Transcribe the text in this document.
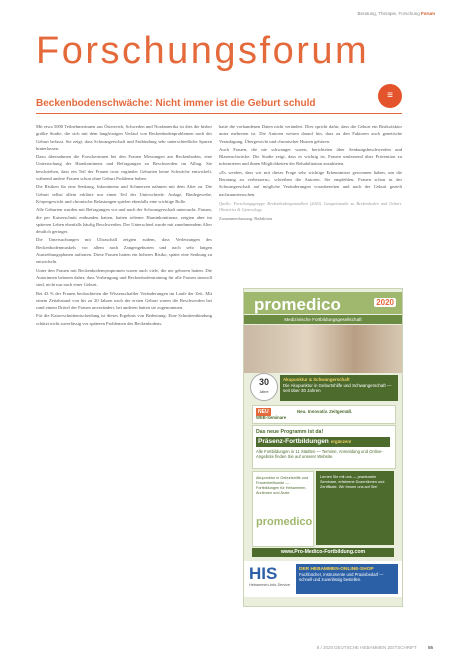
Beratung, Therapie, Forschung Forum
Forschungsforum
≡
Beckenbodenschwäche: Nicht immer ist die Geburt schuld

Mit etwa 5000 Teilnehmerinnen aus Österreich, Schweden und Nordamerika ist dies die bisher größte Studie, die sich mit dem langfristigen Verlauf von Beckenbodenproblemen nach der Geburt befasst. Sie zeigt, dass Schwangerschaft und Entbindung sehr unterschiedliche Spuren hinterlassen.

Dazu übernahmen die Forscherinnen bei den Frauen Messungen am Beckenboden, eine Untersuchung der Harnkontinenz und Befragungen zu Beschwerden im Alltag. Sie beschrieben, dass ein Teil der Frauen trotz vaginaler Geburten keine Schwäche entwickelt, während andere Frauen schon ohne Geburt Probleme haben.

Die Risiken für eine Senkung, Inkontinenz und Schmerzen nahmen mit dem Alter zu. Die Geburt selbst allein erklärte nur einen Teil der Unterschiede. Anlage, Bindegewebe, Körpergewicht und chronische Belastungen spielen ebenfalls eine wichtige Rolle.

Alle Geburten wurden mit Befragungen vor und nach der Schwangerschaft untersucht. Frauen, die per Kaiserschnitt entbunden hatten, hatten seltener Harninkontinenz, zeigten aber im späteren Leben ebenfalls häufig Beschwerden. Der Unterschied wurde mit zunehmendem Alter deutlich geringer.

Die Untersuchungen mit Ultraschall zeigten zudem, dass Verletzungen des Beckenbodenmuskels vor allem nach Zangengeburten und nach sehr langen Austreibungsphasen auftraten. Diese Frauen hatten ein höheres Risiko, später eine Senkung zu entwickeln.

Unter den Frauen mit Beckenbodensymptomen waren auch viele, die nie geboren hatten. Die Autorinnen betonen daher, dass Vorbeugung und Beckenbodentraining für alle Frauen sinnvoll sind, nicht nur nach einer Geburt.

Bei 43 % der Frauen beobachteten die Wissenschaftler Veränderungen im Laufe der Zeit. Mit einem Zeitabstand von bis zu 20 Jahren nach der ersten Geburt waren die Beschwerden bei rund einem Drittel der Frauen unverändert, bei anderen hatten sie zugenommen.

Für die Kaiserschnittentscheidung ist dieses Ergebnis von Bedeutung: Eine Schnittentbindung schützt nicht zuverlässig vor späteren Problemen des Beckenbodens.

hatte die vorhandenen Daten nicht verändert. Dies spricht dafür, dass die Geburt ein Risikofaktor unter mehreren ist. Die Autoren weisen darauf hin, dass zu den Faktoren auch genetische Veranlagung, Übergewicht und chronischer Husten gehören.

Auch Frauen, die nie schwanger waren, berichteten über Senkungsbeschwerden und Blasenschwäche. Die Studie zeigt, dass es wichtig ist, Frauen umfassend über Prävention zu informieren und ihnen Möglichkeiten der Rehabilitation anzubieten.

»Es werden, dass wir mit dieser Frage sehr wichtige Erkenntnisse gewonnen haben, um die Beratung zu verbessern«, schreiben die Autoren. Sie empfehlen, Frauen schon in der Schwangerschaft auf mögliche Veränderungen vorzubereiten und nach der Geburt gezielt nachzuuntersuchen.

Quelle: Forschungsgruppe Beckenbodengesundheit (2020). Langzeitstudie zu Beckenboden und Geburt. Obstetrics & Gynecology.
Zusammenfassung: Redaktion
promedico	2020
Medizinische Fortbildungsgesellschaft
30
Jahre
Akupunktur & Schwangerschaft
Die Akupunktur in Geburtshilfe und Schwangerschaft — seit über 30 Jahren
NEU
WEB-Seminare
Neu. Innovativ. Zeitgemäß.
Das neue Programm ist da!
Präsenz-Fortbildungen ergänzen!
Alle Fortbildungen in 11 Städten — Termine, Anmeldung und Online-Angebote finden Sie auf unserer Website.
Akupunktur in Geburtshilfe und Frauenheilkunde — Fortbildungen für Hebammen, Ärztinnen und Ärzte.
promedico
Lernen Sie mit uns — praxisnahe Seminare, erfahrene Dozentinnen und Zertifikate. Wir freuen uns auf Sie!
www.Pro-Medico-Fortbildung.com
HIS
Hebammen-Info-Service
DER HEBAMMEN-ONLINE-SHOP
Fachbücher, Instrumente und Praxisbedarf — schnell und zuverlässig bestellen.
8 / 2020 DEUTSCHE HEBAMMEN ZEITSCHRIFT	55
